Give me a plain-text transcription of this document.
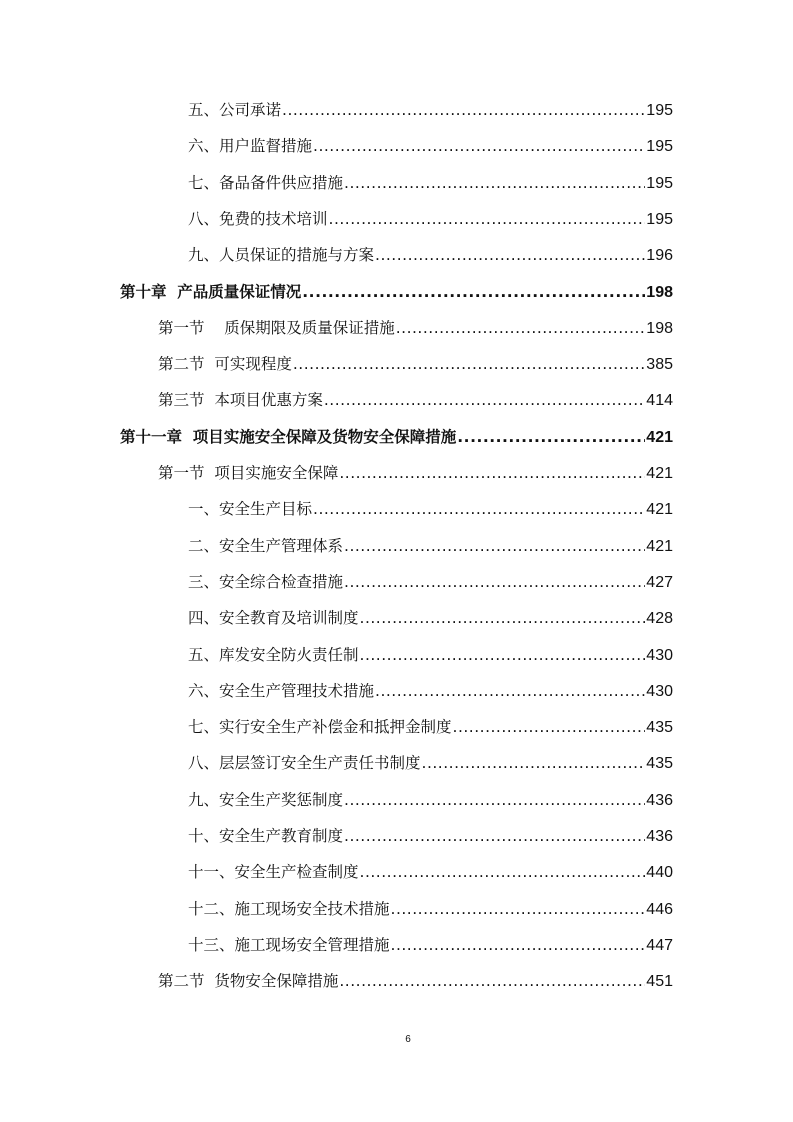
五、公司承诺 .....	195
六、用户监督措施 .....	195
七、备品备件供应措施 .....	195
八、免费的技术培训 .....	195
九、人员保证的措施与方案 .....	196
第十章  产品质量保证情况 .....	198
第一节    质保期限及质量保证措施 .....	198
第二节  可实现程度 .....	385
第三节  本项目优惠方案 .....	414
第十一章  项目实施安全保障及货物安全保障措施 .....	421
第一节  项目实施安全保障 .....	421
一、安全生产目标 .....	421
二、安全生产管理体系 .....	421
三、安全综合检查措施 .....	427
四、安全教育及培训制度 .....	428
五、库发安全防火责任制 .....	430
六、安全生产管理技术措施 .....	430
七、实行安全生产补偿金和抵押金制度 .....	435
八、层层签订安全生产责任书制度 .....	435
九、安全生产奖惩制度 .....	436
十、安全生产教育制度 .....	436
十一、安全生产检查制度 .....	440
十二、施工现场安全技术措施 .....	446
十三、施工现场安全管理措施 .....	447
第二节  货物安全保障措施 .....	451
6
